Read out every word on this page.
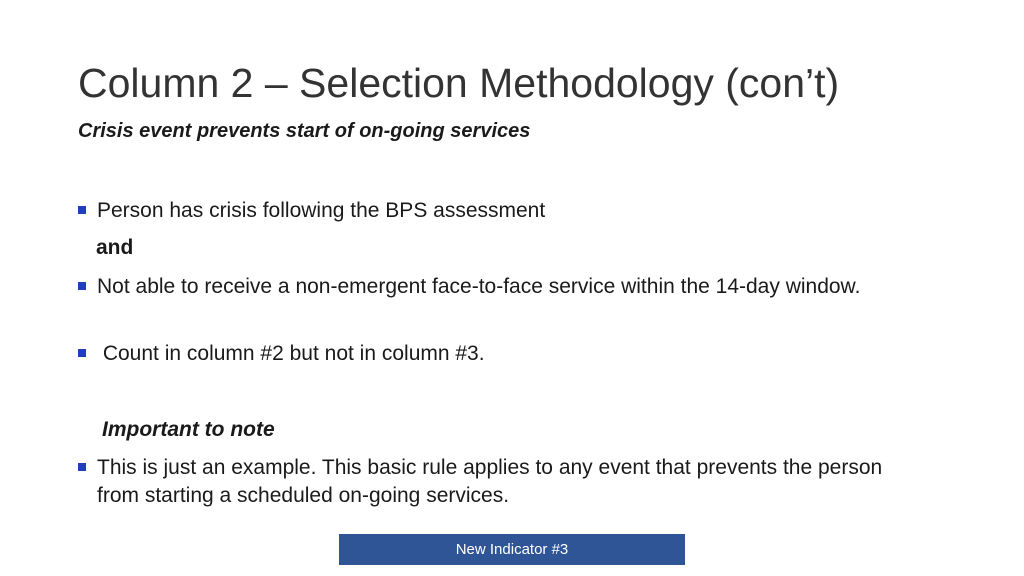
Column 2 – Selection Methodology (con’t)
Crisis event prevents start of on-going services
Person has crisis following the BPS assessment
and
Not able to receive a non-emergent face-to-face service within the 14-day window.
Count in column #2 but not in column #3.
Important to note
This is just an example. This basic rule applies to any event that prevents the person from starting a scheduled on-going services.
New Indicator #3
